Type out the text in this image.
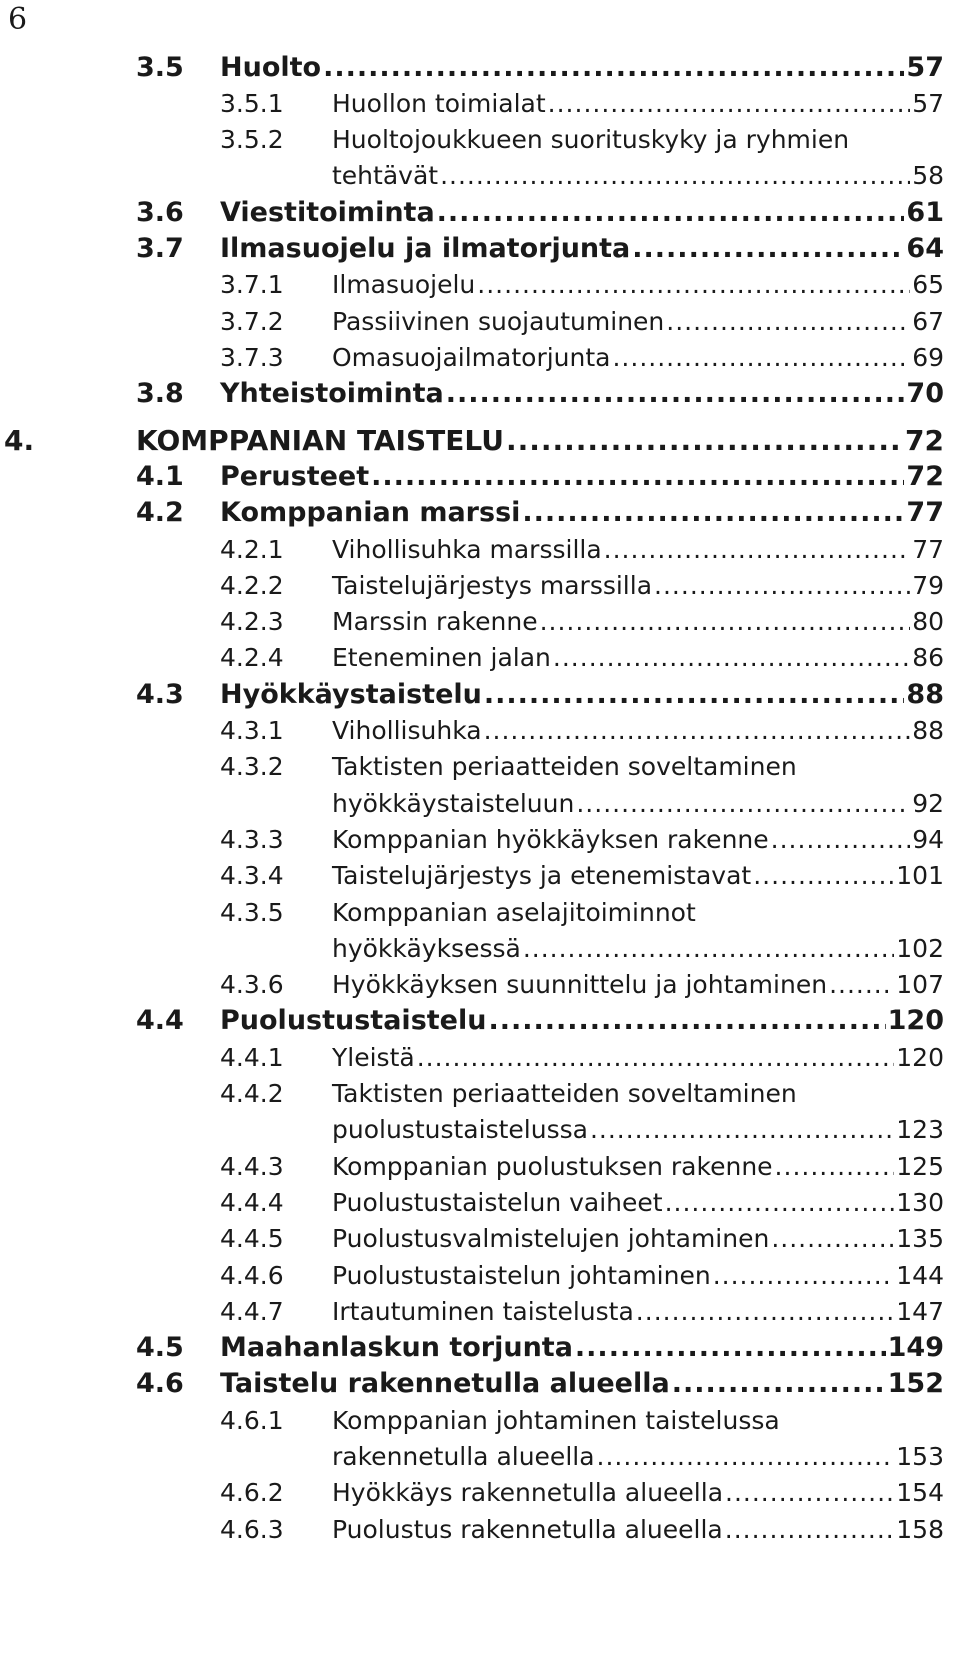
6
3.5	Huolto .....	57
3.5.1	Huollon toimialat .....	57
3.5.2	Huoltojoukkueen suorituskyky ja ryhmien
tehtävät .....	58
3.6	Viestitoiminta .....	61
3.7	Ilmasuojelu ja ilmatorjunta .....	64
3.7.1	Ilmasuojelu .....	65
3.7.2	Passiivinen suojautuminen .....	67
3.7.3	Omasuojailmatorjunta .....	69
3.8	Yhteistoiminta .....	70
4.	KOMPPANIAN TAISTELU .....	72
4.1	Perusteet .....	72
4.2	Komppanian marssi .....	77
4.2.1	Vihollisuhka marssilla .....	77
4.2.2	Taistelujärjestys marssilla .....	79
4.2.3	Marssin rakenne .....	80
4.2.4	Eteneminen jalan .....	86
4.3	Hyökkäystaistelu .....	88
4.3.1	Vihollisuhka .....	88
4.3.2	Taktisten periaatteiden soveltaminen
hyökkäystaisteluun .....	92
4.3.3	Komppanian hyökkäyksen rakenne .....	94
4.3.4	Taistelujärjestys ja etenemistavat .....	101
4.3.5	Komppanian aselajitoiminnot
hyökkäyksessä .....	102
4.3.6	Hyökkäyksen suunnittelu ja johtaminen .....	107
4.4	Puolustustaistelu .....	120
4.4.1	Yleistä .....	120
4.4.2	Taktisten periaatteiden soveltaminen
puolustustaistelussa .....	123
4.4.3	Komppanian puolustuksen rakenne .....	125
4.4.4	Puolustustaistelun vaiheet .....	130
4.4.5	Puolustusvalmistelujen johtaminen .....	135
4.4.6	Puolustustaistelun johtaminen .....	144
4.4.7	Irtautuminen taistelusta .....	147
4.5	Maahanlaskun torjunta .....	149
4.6	Taistelu rakennetulla alueella .....	152
4.6.1	Komppanian johtaminen taistelussa
rakennetulla alueella .....	153
4.6.2	Hyökkäys rakennetulla alueella .....	154
4.6.3	Puolustus rakennetulla alueella .....	158
